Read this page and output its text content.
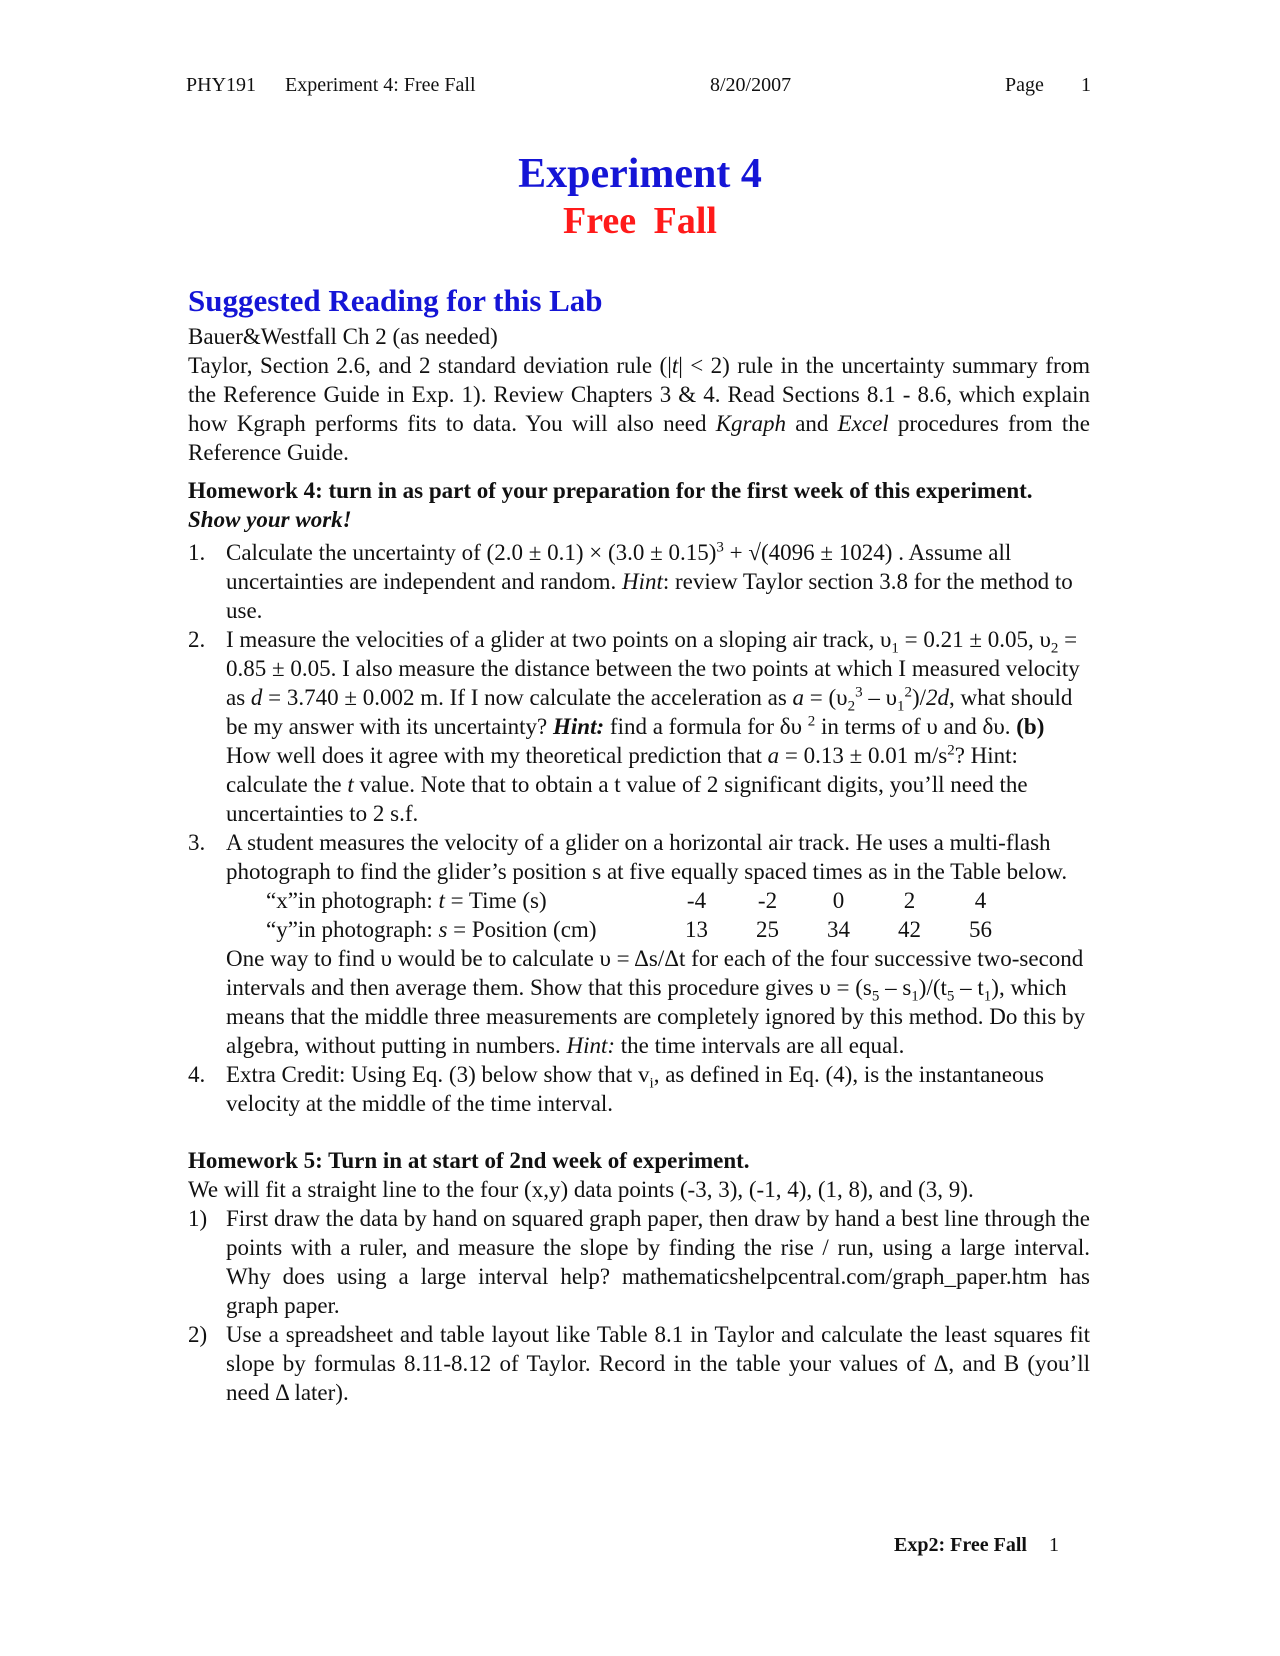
PHY191 Experiment 4: Free Fall	8/20/2007	Page 1
Experiment 4
Free Fall
Suggested Reading for this Lab

Bauer&Westfall Ch 2 (as needed)

Taylor, Section 2.6, and 2 standard deviation rule (|t| < 2) rule in the uncertainty summary from the Reference Guide in Exp. 1). Review Chapters 3 & 4. Read Sections 8.1 - 8.6, which explain how Kgraph performs fits to data. You will also need Kgraph and Excel procedures from the Reference Guide.

Homework 4: turn in as part of your preparation for the first week of this experiment. Show your work!

1. Calculate the uncertainty of $(2.0 \pm 0.1) \times (3.0 \pm 0.15)^3 + √(4096 \pm 1024)$ . Assume all uncertainties are independent and random. Hint: review Taylor section 3.8 for the method to use.
2. I measure the velocities of a glider at two points on a sloping air track, $\upsilon_1 = 0.21 \pm 0.05$, $\upsilon_2 = 0.85 \pm 0.05$. I also measure the distance between the two points at which I measured velocity as d = 3.740 ± 0.002 m. If I now calculate the acceleration as $a = (\upsilon_2^3 - \upsilon_1^2)/2d$, what should be my answer with its uncertainty? Hint: find a formula for δυ $^2$ in terms of υ and δυ. (b) How well does it agree with my theoretical prediction that a = 0.13 ± 0.01 $m/s^2$? Hint: calculate the t value. Note that to obtain a t value of 2 significant digits, you’ll need the uncertainties to 2 s.f.
3. A student measures the velocity of a glider on a horizontal air track. He uses a multi-flash photograph to find the glider’s position s at five equally spaced times as in the Table below.
“x”in photograph: t = Time (s)	-4	-2	0	2	4
“y”in photograph: s = Position (cm)	13	25	34	42	56
One way to find υ would be to calculate υ = Δs/Δt for each of the four successive two-second intervals and then average them. Show that this procedure gives $\upsilon = (s_5 - s_1)/(t_5 - t_1)$, which means that the middle three measurements are completely ignored by this method. Do this by algebra, without putting in numbers. Hint: the time intervals are all equal.
4. Extra Credit: Using Eq. (3) below show that $v_i$, as defined in Eq. (4), is the instantaneous velocity at the middle of the time interval.

Homework 5: Turn in at start of 2nd week of experiment.

We will fit a straight line to the four (x,y) data points (-3, 3), (-1, 4), (1, 8), and (3, 9).

1) First draw the data by hand on squared graph paper, then draw by hand a best line through the points with a ruler, and measure the slope by finding the rise / run, using a large interval. Why does using a large interval help? mathematicshelpcentral.com/graph_paper.htm has graph paper.
2) Use a spreadsheet and table layout like Table 8.1 in Taylor and calculate the least squares fit slope by formulas 8.11-8.12 of Taylor. Record in the table your values of Δ, and B (you’ll need Δ later).
Exp2: Free Fall 1
